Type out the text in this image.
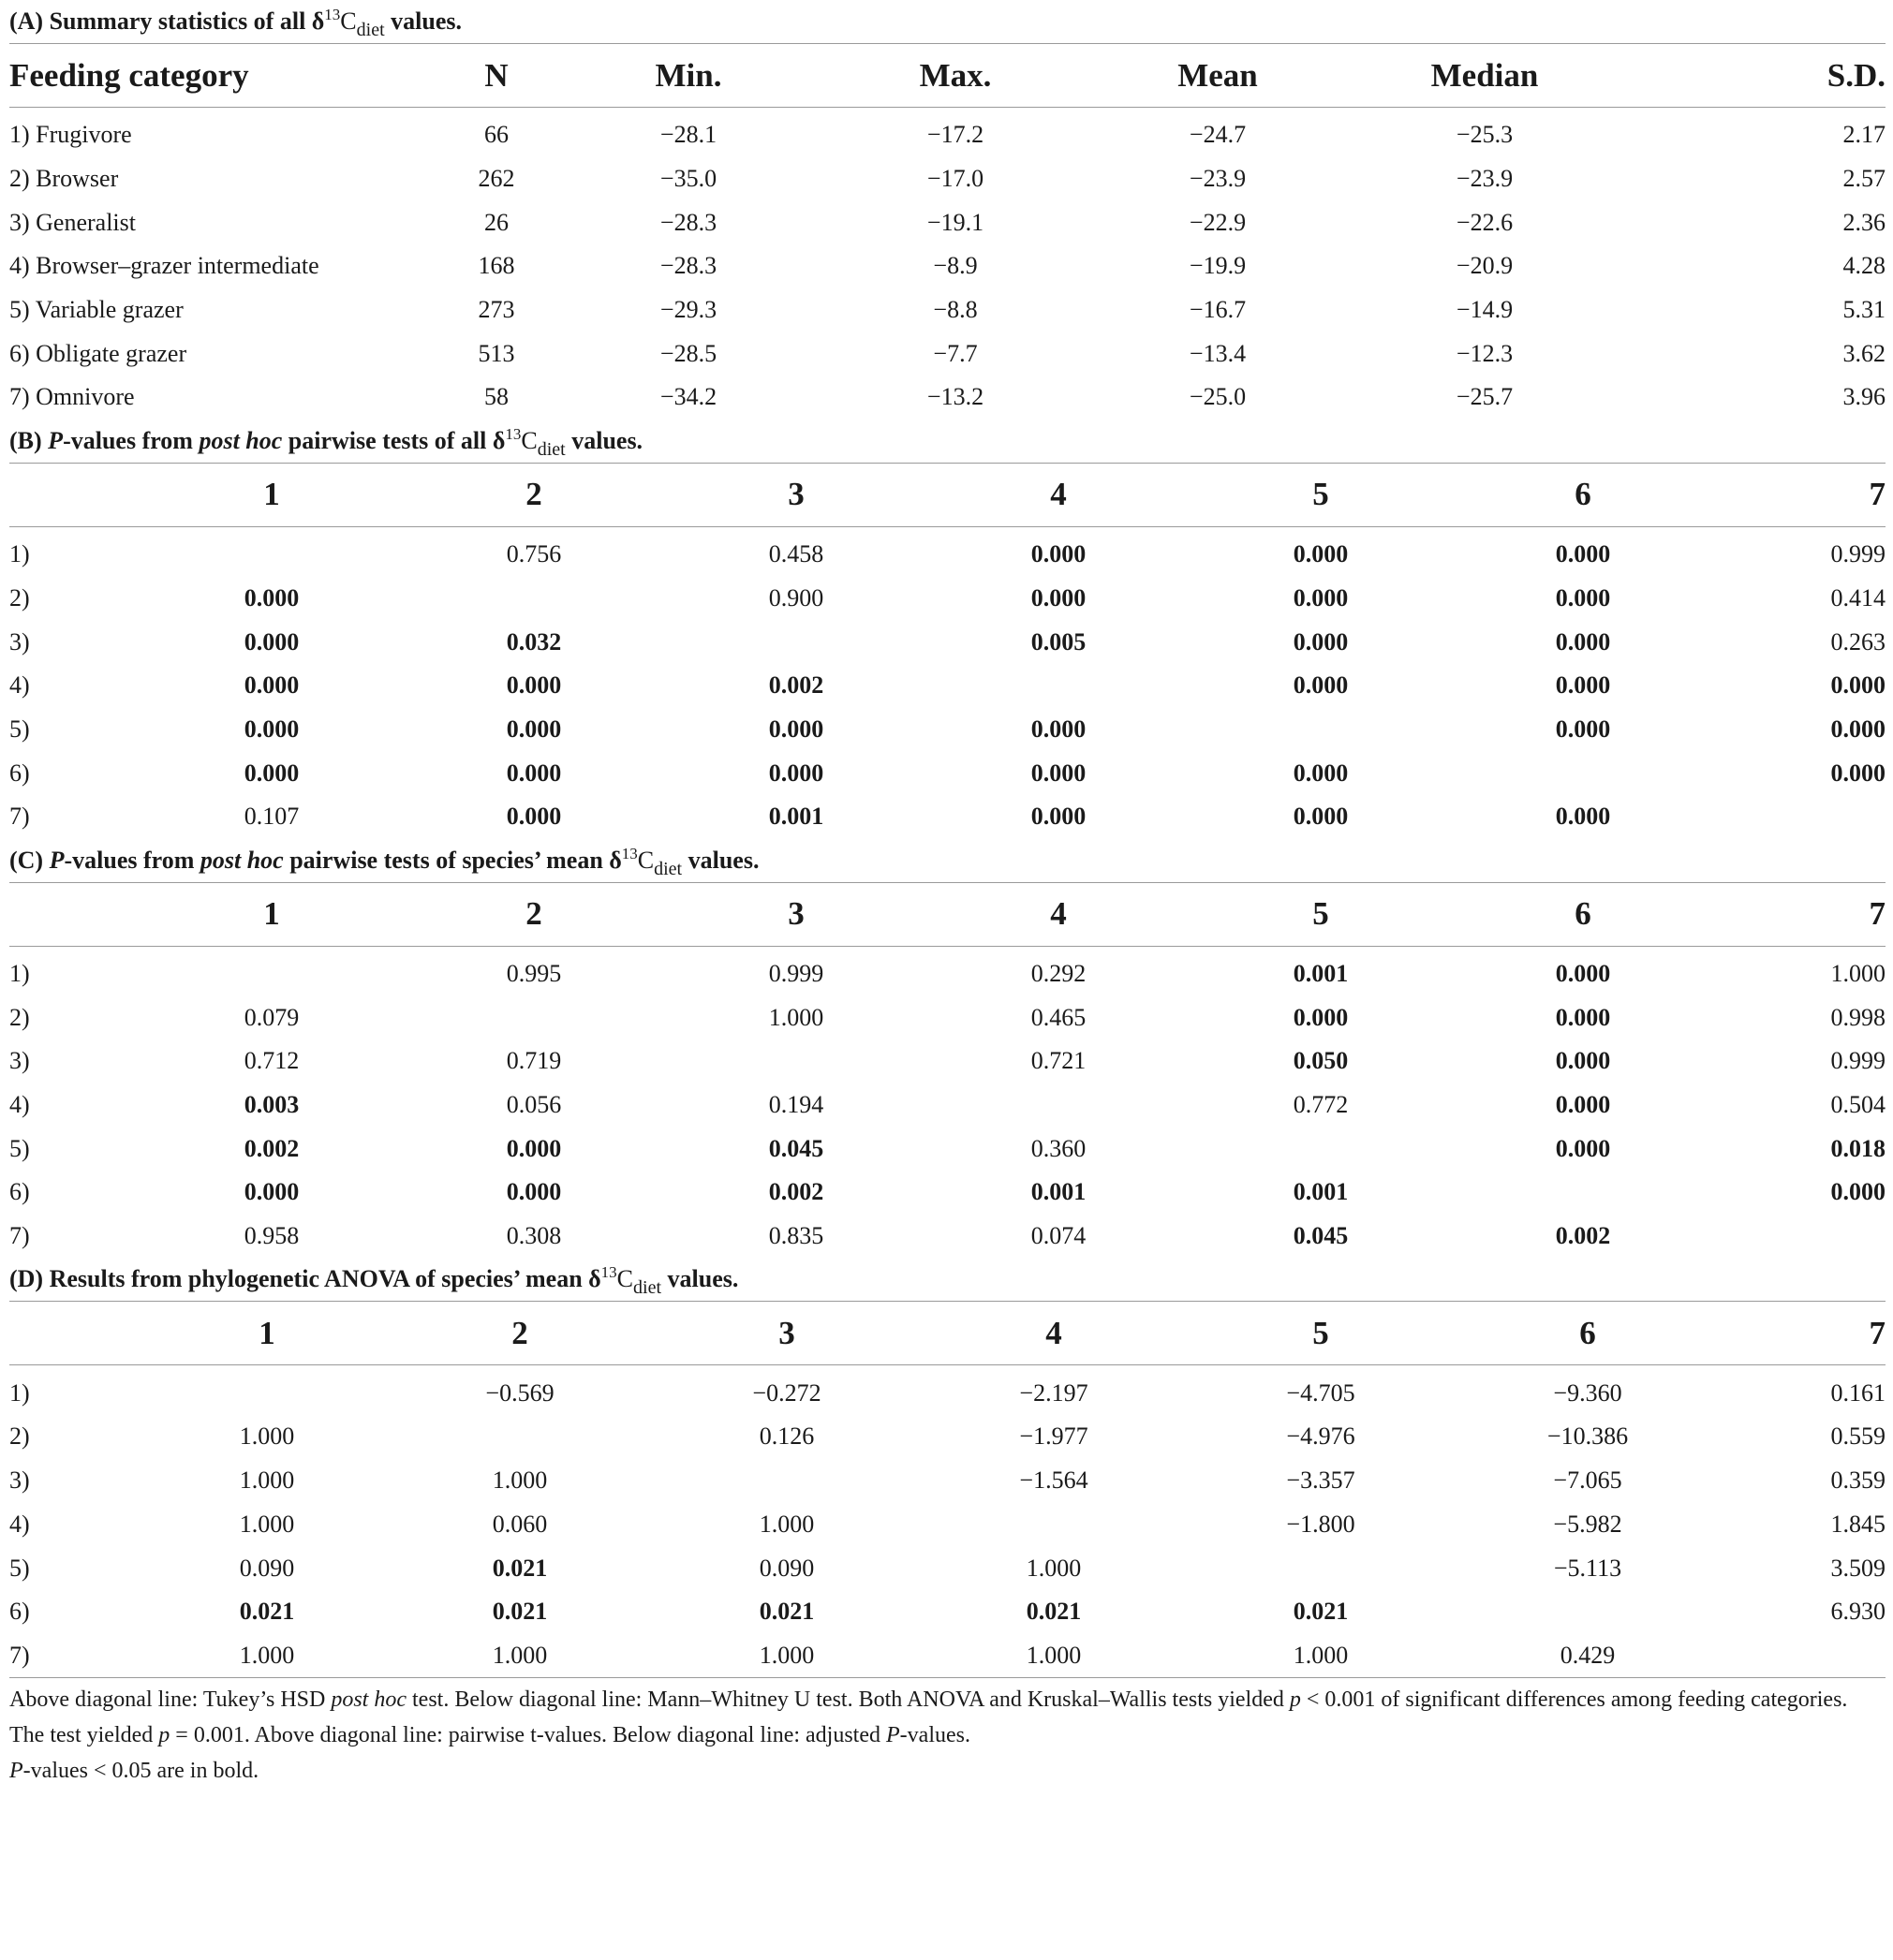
(A) Summary statistics of all $\delta^{13}C_{diet}$ values.
Feeding category	N	Min.	Max.	Mean	Median	S.D.
1) Frugivore	66	−28.1	−17.2	−24.7	−25.3	2.17
2) Browser	262	−35.0	−17.0	−23.9	−23.9	2.57
3) Generalist	26	−28.3	−19.1	−22.9	−22.6	2.36
4) Browser–grazer intermediate	168	−28.3	−8.9	−19.9	−20.9	4.28
5) Variable grazer	273	−29.3	−8.8	−16.7	−14.9	5.31
6) Obligate grazer	513	−28.5	−7.7	−13.4	−12.3	3.62
7) Omnivore	58	−34.2	−13.2	−25.0	−25.7	3.96
(B) P-values from post hoc pairwise tests of all $\delta^{13}C_{diet}$ values.
	1	2	3	4	5	6	7
1)		0.756	0.458	0.000	0.000	0.000	0.999
2)	0.000		0.900	0.000	0.000	0.000	0.414
3)	0.000	0.032		0.005	0.000	0.000	0.263
4)	0.000	0.000	0.002		0.000	0.000	0.000
5)	0.000	0.000	0.000	0.000		0.000	0.000
6)	0.000	0.000	0.000	0.000	0.000		0.000
7)	0.107	0.000	0.001	0.000	0.000	0.000	
(C) P-values from post hoc pairwise tests of species’ mean $\delta^{13}C_{diet}$ values.
	1	2	3	4	5	6	7
1)		0.995	0.999	0.292	0.001	0.000	1.000
2)	0.079		1.000	0.465	0.000	0.000	0.998
3)	0.712	0.719		0.721	0.050	0.000	0.999
4)	0.003	0.056	0.194		0.772	0.000	0.504
5)	0.002	0.000	0.045	0.360		0.000	0.018
6)	0.000	0.000	0.002	0.001	0.001		0.000
7)	0.958	0.308	0.835	0.074	0.045	0.002	
(D) Results from phylogenetic ANOVA of species’ mean $\delta^{13}C_{diet}$ values.
	1	2	3	4	5	6	7
1)		−0.569	−0.272	−2.197	−4.705	−9.360	0.161
2)	1.000		0.126	−1.977	−4.976	−10.386	0.559
3)	1.000	1.000		−1.564	−3.357	−7.065	0.359
4)	1.000	0.060	1.000		−1.800	−5.982	1.845
5)	0.090	0.021	0.090	1.000		−5.113	3.509
6)	0.021	0.021	0.021	0.021	0.021		6.930
7)	1.000	1.000	1.000	1.000	1.000	0.429	
Above diagonal line: Tukey’s HSD post hoc test. Below diagonal line: Mann–Whitney U test. Both ANOVA and Kruskal–Wallis tests yielded p < 0.001 of significant differences among feeding categories.
The test yielded p = 0.001. Above diagonal line: pairwise t-values. Below diagonal line: adjusted P-values.
P-values < 0.05 are in bold.
